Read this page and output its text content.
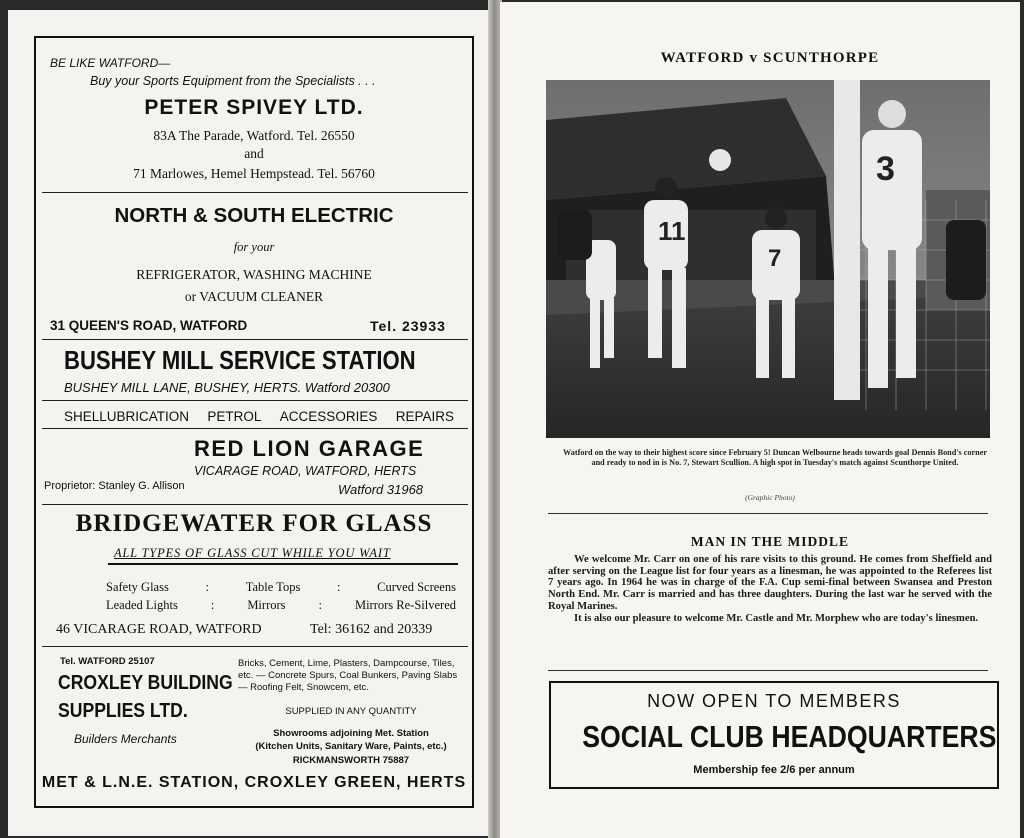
BE LIKE WATFORD—
Buy your Sports Equipment from the Specialists . . .
PETER SPIVEY LTD.
83A The Parade, Watford. Tel. 26550
and
71 Marlowes, Hemel Hempstead. Tel. 56760
NORTH & SOUTH ELECTRIC
for your
REFRIGERATOR, WASHING MACHINE
or VACUUM CLEANER
31 QUEEN'S ROAD, WATFORD	Tel. 23933
BUSHEY MILL SERVICE STATION
BUSHEY MILL LANE, BUSHEY, HERTS. Watford 20300
SHELLUBRICATION PETROL ACCESSORIES REPAIRS
RED LION GARAGE
VICARAGE ROAD, WATFORD, HERTS
Proprietor: Stanley G. Allison	Watford 31968
BRIDGEWATER FOR GLASS
ALL TYPES OF GLASS CUT WHILE YOU WAIT
Safety Glass	:	Table Tops	:	Curved Screens
Leaded Lights	:	Mirrors	:	Mirrors Re-Silvered
46 VICARAGE ROAD, WATFORD	Tel: 36162 and 20339
Tel. WATFORD 25107
CROXLEY BUILDING
SUPPLIES LTD.
Builders Merchants
Bricks, Cement, Lime, Plasters, Dampcourse, Tiles, etc. — Concrete Spurs, Coal Bunkers, Paving Slabs — Roofing Felt, Snowcem, etc.
SUPPLIED IN ANY QUANTITY
Showrooms adjoining Met. Station
(Kitchen Units, Sanitary Ware, Paints, etc.)
RICKMANSWORTH 75887
MET & L.N.E. STATION, CROXLEY GREEN, HERTS
WATFORD v SCUNTHORPE
11
7
3
Watford on the way to their highest score since February 5! Duncan Welbourne heads towards goal Dennis Bond's corner and ready to nod in is No. 7, Stewart Scullion. A high spot in Tuesday's match against Scunthorpe United.
(Graphic Photo)
MAN IN THE MIDDLE

We welcome Mr. Carr on one of his rare visits to this ground. He comes from Sheffield and after serving on the League list for four years as a linesman, he was appointed to the Referees list 7 years ago. In 1964 he was in charge of the F.A. Cup semi-final between Swansea and Preston North End. Mr. Carr is married and has three daughters. During the last war he served with the Royal Marines.

It is also our pleasure to welcome Mr. Castle and Mr. Morphew who are today's linesmen.

NOW OPEN TO MEMBERS
SOCIAL CLUB HEADQUARTERS
Membership fee 2/6 per annum
